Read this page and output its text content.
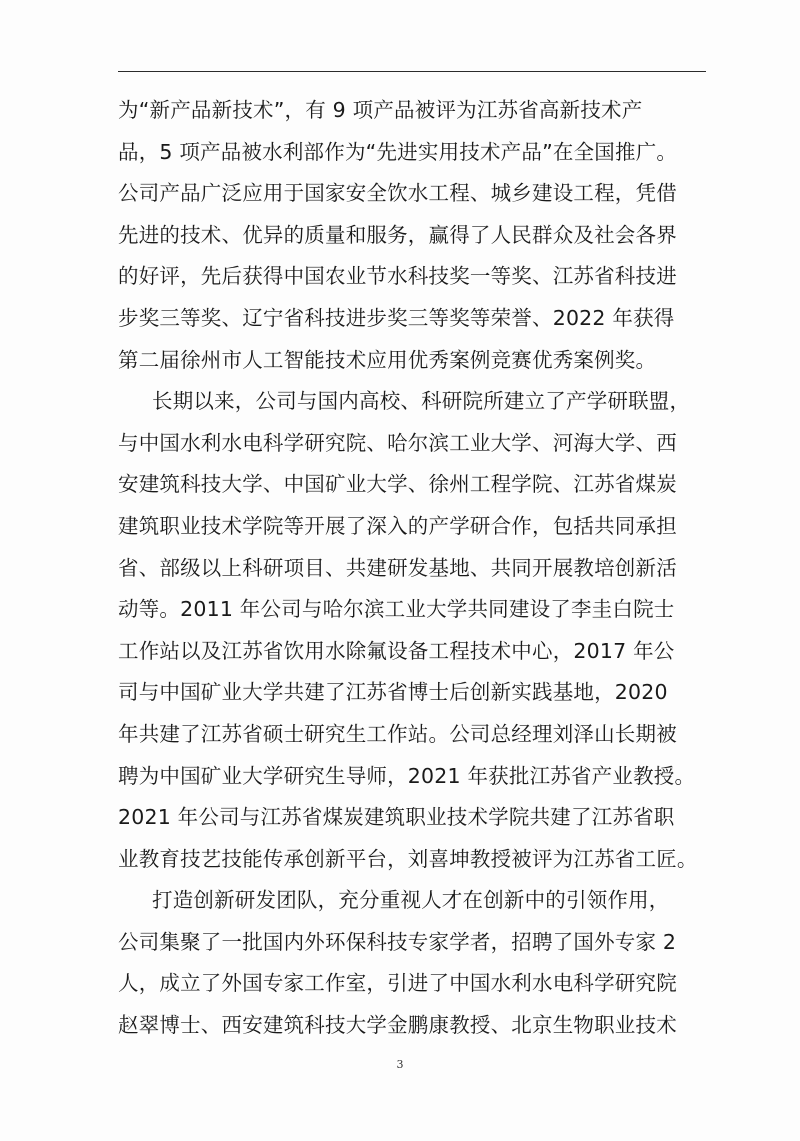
为“新产品新技术”，有 9 项产品被评为江苏省高新技术产
品，5 项产品被水利部作为“先进实用技术产品”在全国推广。
公司产品广泛应用于国家安全饮水工程、城乡建设工程，凭借
先进的技术、优异的质量和服务，赢得了人民群众及社会各界
的好评，先后获得中国农业节水科技奖一等奖、江苏省科技进
步奖三等奖、辽宁省科技进步奖三等奖等荣誉、2022 年获得
第二届徐州市人工智能技术应用优秀案例竞赛优秀案例奖。
长期以来，公司与国内高校、科研院所建立了产学研联盟，
与中国水利水电科学研究院、哈尔滨工业大学、河海大学、西
安建筑科技大学、中国矿业大学、徐州工程学院、江苏省煤炭
建筑职业技术学院等开展了深入的产学研合作，包括共同承担
省、部级以上科研项目、共建研发基地、共同开展教培创新活
动等。2011 年公司与哈尔滨工业大学共同建设了李圭白院士
工作站以及江苏省饮用水除氟设备工程技术中心，2017 年公
司与中国矿业大学共建了江苏省博士后创新实践基地，2020
年共建了江苏省硕士研究生工作站。公司总经理刘泽山长期被
聘为中国矿业大学研究生导师，2021 年获批江苏省产业教授。
2021 年公司与江苏省煤炭建筑职业技术学院共建了江苏省职
业教育技艺技能传承创新平台，刘喜坤教授被评为江苏省工匠。
打造创新研发团队，充分重视人才在创新中的引领作用，
公司集聚了一批国内外环保科技专家学者，招聘了国外专家 2
人，成立了外国专家工作室，引进了中国水利水电科学研究院
赵翠博士、西安建筑科技大学金鹏康教授、北京生物职业技术
3
